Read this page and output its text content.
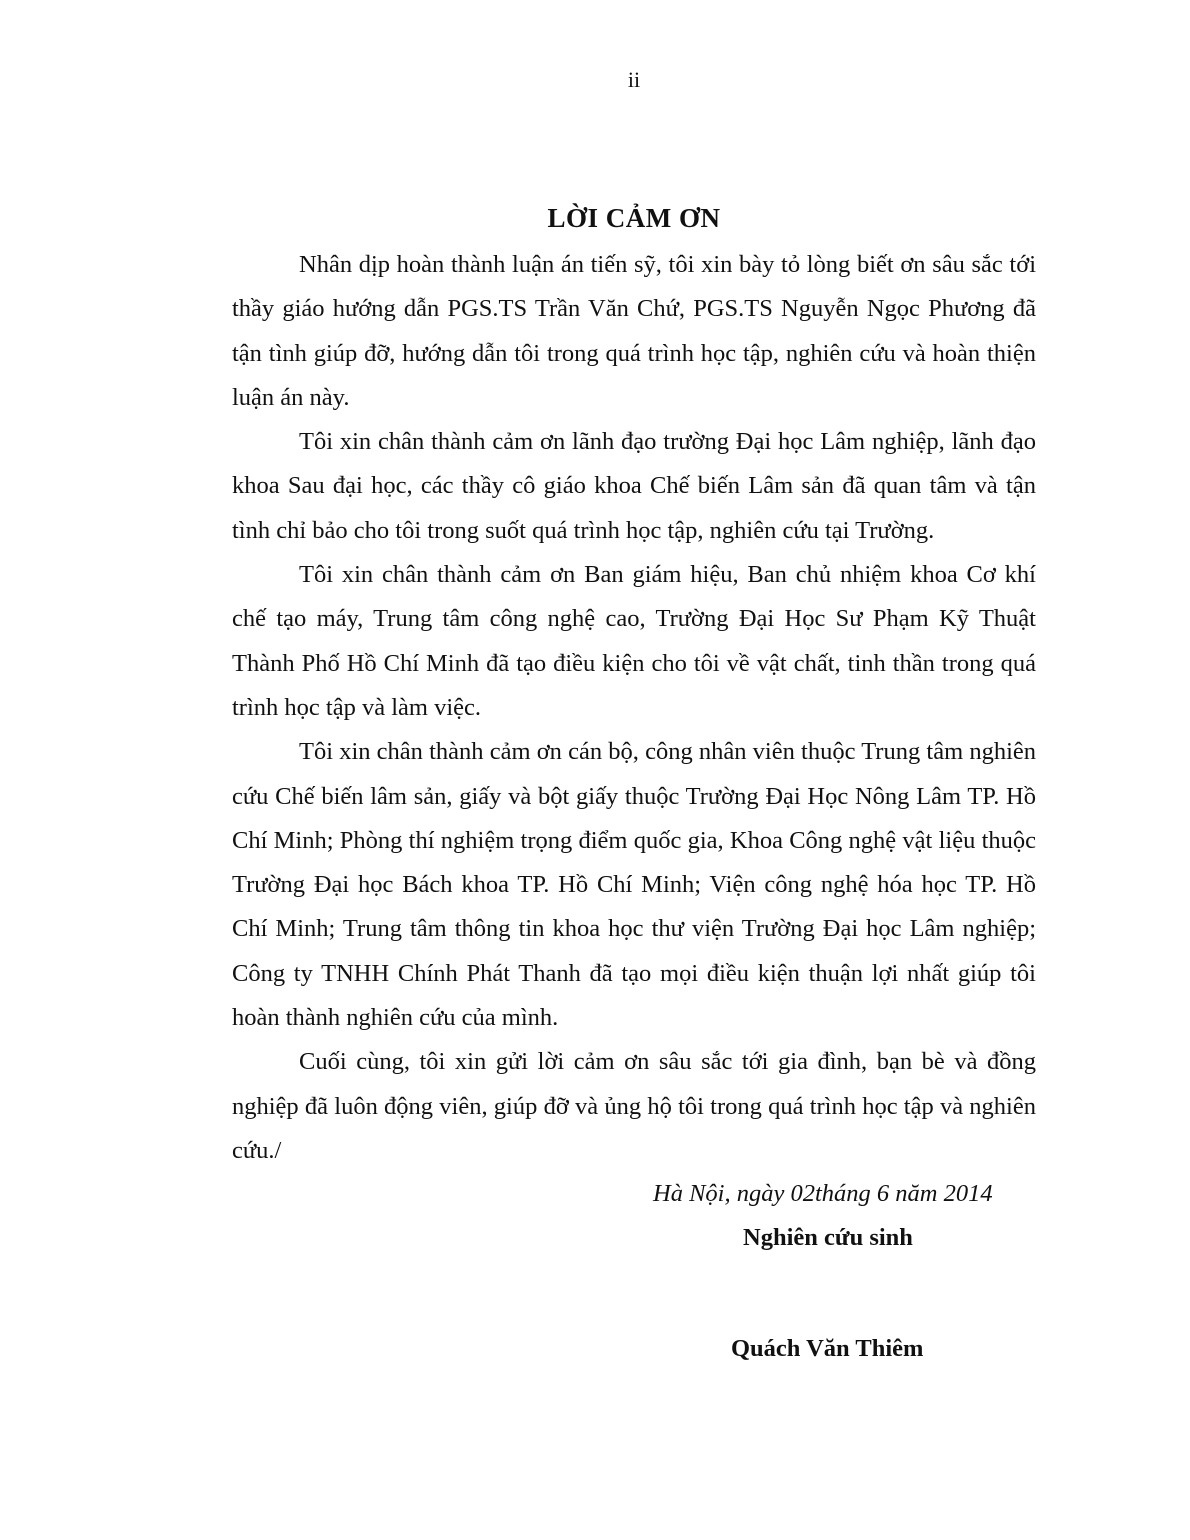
ii
LỜI CẢM ƠN

Nhân dịp hoàn thành luận án tiến sỹ, tôi xin bày tỏ lòng biết ơn sâu sắc tới thầy giáo hướng dẫn PGS.TS Trần Văn Chứ, PGS.TS Nguyễn Ngọc Phương đã tận tình giúp đỡ, hướng dẫn tôi trong quá trình học tập, nghiên cứu và hoàn thiện luận án này.

Tôi xin chân thành cảm ơn lãnh đạo trường Đại học Lâm nghiệp, lãnh đạo khoa Sau đại học, các thầy cô giáo khoa Chế biến Lâm sản đã quan tâm và tận tình chỉ bảo cho tôi trong suốt quá trình học tập, nghiên cứu tại Trường.

Tôi xin chân thành cảm ơn Ban giám hiệu, Ban chủ nhiệm khoa Cơ khí chế tạo máy, Trung tâm công nghệ cao, Trường Đại Học Sư Phạm Kỹ Thuật Thành Phố Hồ Chí Minh đã tạo điều kiện cho tôi về vật chất, tinh thần trong quá trình học tập và làm việc.

Tôi xin chân thành cảm ơn cán bộ, công nhân viên thuộc Trung tâm nghiên cứu Chế biến lâm sản, giấy và bột giấy thuộc Trường Đại Học Nông Lâm TP. Hồ Chí Minh; Phòng thí nghiệm trọng điểm quốc gia, Khoa Công nghệ vật liệu thuộc Trường Đại học Bách khoa TP. Hồ Chí Minh; Viện công nghệ hóa học TP. Hồ Chí Minh; Trung tâm thông tin khoa học thư viện Trường Đại học Lâm nghiệp; Công ty TNHH Chính Phát Thanh đã tạo mọi điều kiện thuận lợi nhất giúp tôi hoàn thành nghiên cứu của mình.

Cuối cùng, tôi xin gửi lời cảm ơn sâu sắc tới gia đình, bạn bè và đồng nghiệp đã luôn động viên, giúp đỡ và ủng hộ tôi trong quá trình học tập và nghiên cứu./

Hà Nội, ngày 02tháng 6 năm 2014
Nghiên cứu sinh
Quách Văn Thiêm
